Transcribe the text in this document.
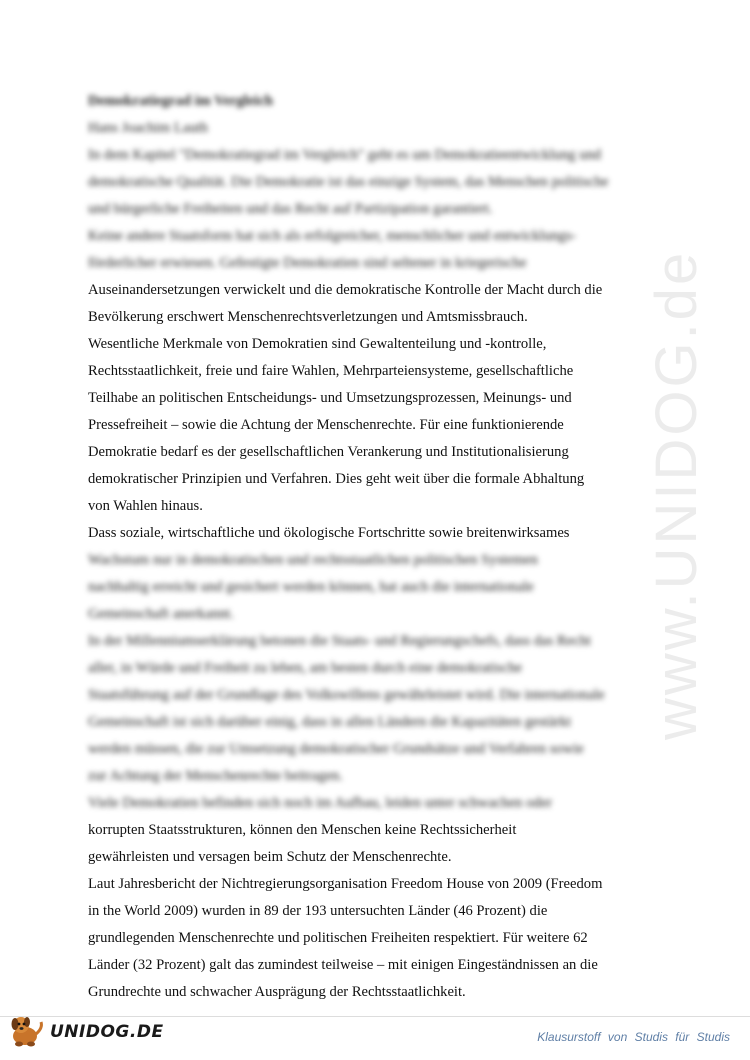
www.UNIDOG.de
Demokratiegrad im Vergleich
Hans Joachim Lauth
In dem Kapitel "Demokratiegrad im Vergleich" geht es um Demokratieentwicklung und
demokratische Qualität. Die Demokratie ist das einzige System, das Menschen politische
und bürgerliche Freiheiten und das Recht auf Partizipation garantiert.
Keine andere Staatsform hat sich als erfolgreicher, menschlicher und entwicklungs-
förderlicher erwiesen. Gefestigte Demokratien sind seltener in kriegerische
Auseinandersetzungen verwickelt und die demokratische Kontrolle der Macht durch die
Bevölkerung erschwert Menschenrechtsverletzungen und Amtsmissbrauch.
Wesentliche Merkmale von Demokratien sind Gewaltenteilung und -kontrolle,
Rechtsstaatlichkeit, freie und faire Wahlen, Mehrparteiensysteme, gesellschaftliche
Teilhabe an politischen Entscheidungs- und Umsetzungsprozessen, Meinungs- und
Pressefreiheit – sowie die Achtung der Menschenrechte. Für eine funktionierende
Demokratie bedarf es der gesellschaftlichen Verankerung und Institutionalisierung
demokratischer Prinzipien und Verfahren. Dies geht weit über die formale Abhaltung
von Wahlen hinaus.
Dass soziale, wirtschaftliche und ökologische Fortschritte sowie breitenwirksames
Wachstum nur in demokratischen und rechtsstaatlichen politischen Systemen
nachhaltig erreicht und gesichert werden können, hat auch die internationale
Gemeinschaft anerkannt.
In der Millenniumserklärung betonen die Staats- und Regierungschefs, dass das Recht
aller, in Würde und Freiheit zu leben, am besten durch eine demokratische
Staatsführung auf der Grundlage des Volkswillens gewährleistet wird. Die internationale
Gemeinschaft ist sich darüber einig, dass in allen Ländern die Kapazitäten gestärkt
werden müssen, die zur Umsetzung demokratischer Grundsätze und Verfahren sowie
zur Achtung der Menschenrechte beitragen.
Viele Demokratien befinden sich noch im Aufbau, leiden unter schwachen oder
korrupten Staatsstrukturen, können den Menschen keine Rechtssicherheit
gewährleisten und versagen beim Schutz der Menschenrechte.
Laut Jahresbericht der Nichtregierungsorganisation Freedom House von 2009 (Freedom
in the World 2009) wurden in 89 der 193 untersuchten Länder (46 Prozent) die
grundlegenden Menschenrechte und politischen Freiheiten respektiert. Für weitere 62
Länder (32 Prozent) galt das zumindest teilweise – mit einigen Eingeständnissen an die
Grundrechte und schwacher Ausprägung der Rechtsstaatlichkeit.
UNIDOG.DE	Klausurstoff von Studis für Studis
